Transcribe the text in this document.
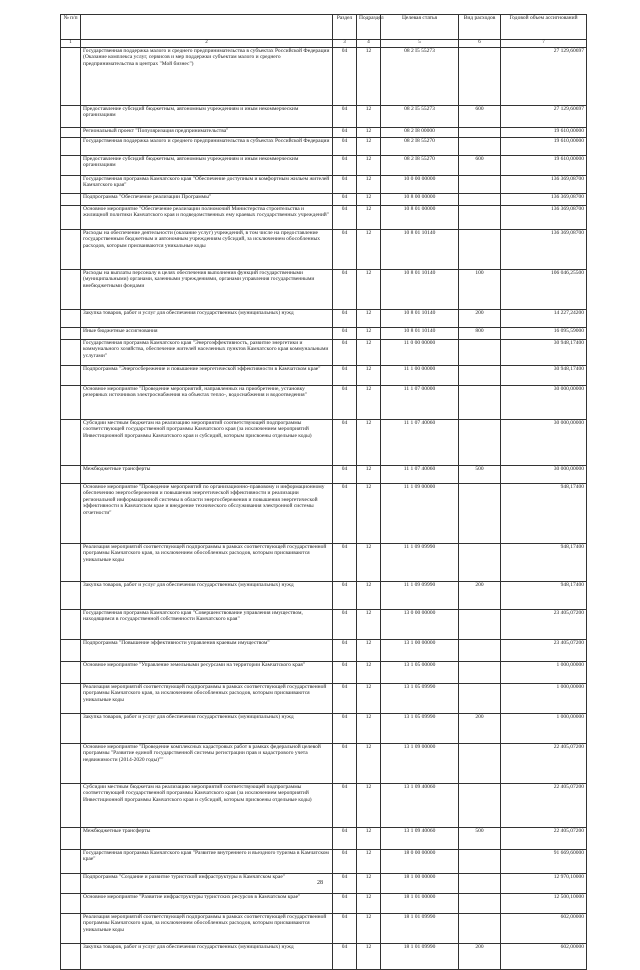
№ п/п		Раздел	Подраздел	Целевая статья	Вид расходов	Годовой объем ассигнований
1	2	3	4	5	6	7
	Государственная поддержка малого и среднего предпринимательства в субъектах Российской Федерации (Оказание комплекса услуг, сервисов и мер поддержки субъектам малого и среднего предпринимательства в центрах "Мой бизнес")	04	12	08 2 I5 55273		27 129,60697
	Предоставление субсидий бюджетным, автономным учреждениям и иным некоммерческим организациям	04	12	08 2 I5 55273	600	27 129,60697
	Региональный проект "Популяризация предпринимательства"	04	12	08 2 I8 00000		19 610,00000
	Государственная поддержка малого и среднего предпринимательства в субъектах Российской Федерации	04	12	08 2 I8 55270		19 610,00000
	Предоставление субсидий бюджетным, автономным учреждениям и иным некоммерческим организациям	04	12	08 2 I8 55270	600	19 610,00000
	Государственная программа Камчатского края "Обеспечение доступным и комфортным жильем жителей Камчатского края"	04	12	10 0 00 00000		136 369,08700
	Подпрограмма "Обеспечение реализации Программы"	04	12	10 8 00 00000		136 369,08700
	Основное мероприятие "Обеспечение реализации полномочий Министерства строительства и жилищной политики Камчатского края и подведомственных ему краевых государственных учреждений"	04	12	10 8 01 00000		136 369,08700
	Расходы на обеспечение деятельности (оказание услуг) учреждений, в том числе на предоставление государственным бюджетным и автономным учреждениям субсидий, за исключением обособленных расходов, которым присваиваются уникальные коды	04	12	10 8 01 10140		136 369,08700
	Расходы на выплаты персоналу в целях обеспечения выполнения функций государственными (муниципальными) органами, казенными учреждениями, органами управления государственными внебюджетными фондами	04	12	10 8 01 10140	100	106 046,25500
	Закупка товаров, работ и услуг для обеспечения государственных (муниципальных) нужд	04	12	10 8 01 10140	200	14 227,24200
	Иные бюджетные ассигнования	04	12	10 8 01 10140	800	16 095,59000
	Государственная программа Камчатского края "Энергоэффективность, развитие энергетики и коммунального хозяйства, обеспечение жителей населенных пунктов Камчатского края коммунальными услугами"	04	12	11 0 00 00000		30 948,17400
	Подпрограмма "Энергосбережение и повышение энергетической эффективности в Камчатском крае"	04	12	11 1 00 00000		30 948,17400
	Основное мероприятие "Проведение мероприятий, направленных на приобретение, установку резервных источников электроснабжения на объектах тепло-, водоснабжения и водоотведения"	04	12	11 1 07 00000		30 000,00000
	Субсидии местным бюджетам на реализацию мероприятий соответствующей подпрограммы соответствующей государственной программы Камчатского края (за исключением мероприятий Инвестиционной программы Камчатского края и субсидий, которым присвоены отдельные коды)	04	12	11 1 07 40060		30 000,00000
	Межбюджетные трансферты	04	12	11 1 07 40060	500	30 000,00000
	Основное мероприятие "Проведение мероприятий по организационно-правовому и информационному обеспечению энергосбережения и повышения энергетической эффективности и реализации региональной информационной системы в области энергосбережения и повышения энергетической эффективности в Камчатском крае и внедрение технического обслуживания электронной системы отчетности"	04	12	11 1 09 00000		948,17400
	Реализация мероприятий соответствующей подпрограммы в рамках соответствующей государственной программы Камчатского края, за исключением обособленных расходов, которым присваиваются уникальные коды	04	12	11 1 09 09990		948,17400
	Закупка товаров, работ и услуг для обеспечения государственных (муниципальных) нужд	04	12	11 1 09 09990	200	948,17400
	Государственная программа Камчатского края "Совершенствование управления имуществом, находящимся в государственной собственности Камчатского края"	04	12	13 0 00 00000		23 405,07200
	Подпрограмма "Повышение эффективности управления краевым имуществом"	04	12	13 1 00 00000		23 405,07200
	Основное мероприятие "Управление земельными ресурсами на территории Камчатского края"	04	12	13 1 05 00000		1 000,00000
	Реализация мероприятий соответствующей подпрограммы в рамках соответствующей государственной программы Камчатского края, за исключением обособленных расходов, которым присваиваются уникальные коды	04	12	13 1 05 09990		1 000,00000
	Закупка товаров, работ и услуг для обеспечения государственных (муниципальных) нужд	04	12	13 1 05 09990	200	1 000,00000
	Основное мероприятие "Проведение комплексных кадастровых работ в рамках федеральной целевой программы "Развитие единой государственной системы регистрации прав и кадастрового учета недвижимости (2014-2020 годы)""	04	12	13 1 09 00000		22 405,07200
	Субсидии местным бюджетам на реализацию мероприятий соответствующей подпрограммы соответствующей государственной программы Камчатского края (за исключением мероприятий Инвестиционной программы Камчатского края и субсидий, которым присвоены отдельные коды)	04	12	13 1 09 40060		22 405,07200
	Межбюджетные трансферты	04	12	13 1 09 40060	500	22 405,07200
	Государственная программа Камчатского края "Развитие внутреннего и въездного туризма в Камчатском крае"	04	12	18 0 00 00000		91 669,60000
	Подпрограмма "Создание и развитие туристской инфраструктуры в Камчатском крае"	04	12	18 1 00 00000		12 970,10000
	Основное мероприятие "Развитие инфраструктуры туристских ресурсов в Камчатском крае"	04	12	18 1 01 00000		12 500,10000
	Реализация мероприятий соответствующей подпрограммы в рамках соответствующей государственной программы Камчатского края, за исключением обособленных расходов, которым присваиваются уникальные коды	04	12	18 1 01 09990		602,00000
	Закупка товаров, работ и услуг для обеспечения государственных (муниципальных) нужд	04	12	18 1 01 09990	200	602,00000
28
